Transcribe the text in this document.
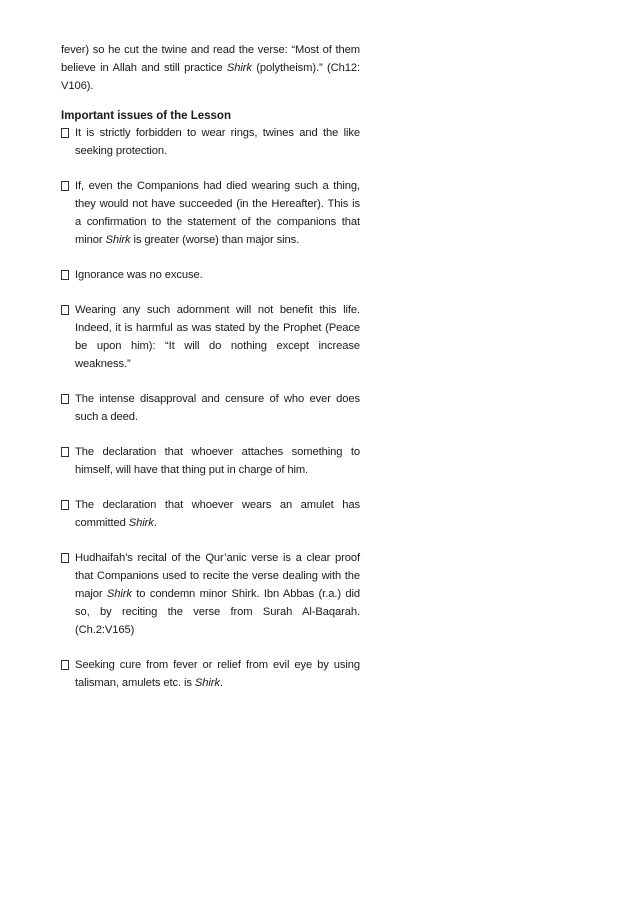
fever) so he cut the twine and read the verse: “Most of them believe in Allah and still practice Shirk (polytheism).” (Ch12: V106).

Important issues of the Lesson

It is strictly forbidden to wear rings, twines and the like seeking protection.
If, even the Companions had died wearing such a thing, they would not have succeeded (in the Hereafter). This is a confirmation to the statement of the companions that minor Shirk is greater (worse) than major sins.
Ignorance was no excuse.
Wearing any such adornment will not benefit this life. Indeed, it is harmful as was stated by the Prophet (Peace be upon him): “It will do nothing except increase weakness.”
The intense disapproval and censure of who ever does such a deed.
The declaration that whoever attaches something to himself, will have that thing put in charge of him.
The declaration that whoever wears an amulet has committed Shirk.
Hudhaifah’s recital of the Qur’anic verse is a clear proof that Companions used to recite the verse dealing with the major Shirk to condemn minor Shirk. Ibn Abbas (r.a.) did so, by reciting the verse from Surah Al-Baqarah. (Ch.2:V165)
Seeking cure from fever or relief from evil eye by using talisman, amulets etc. is Shirk.
